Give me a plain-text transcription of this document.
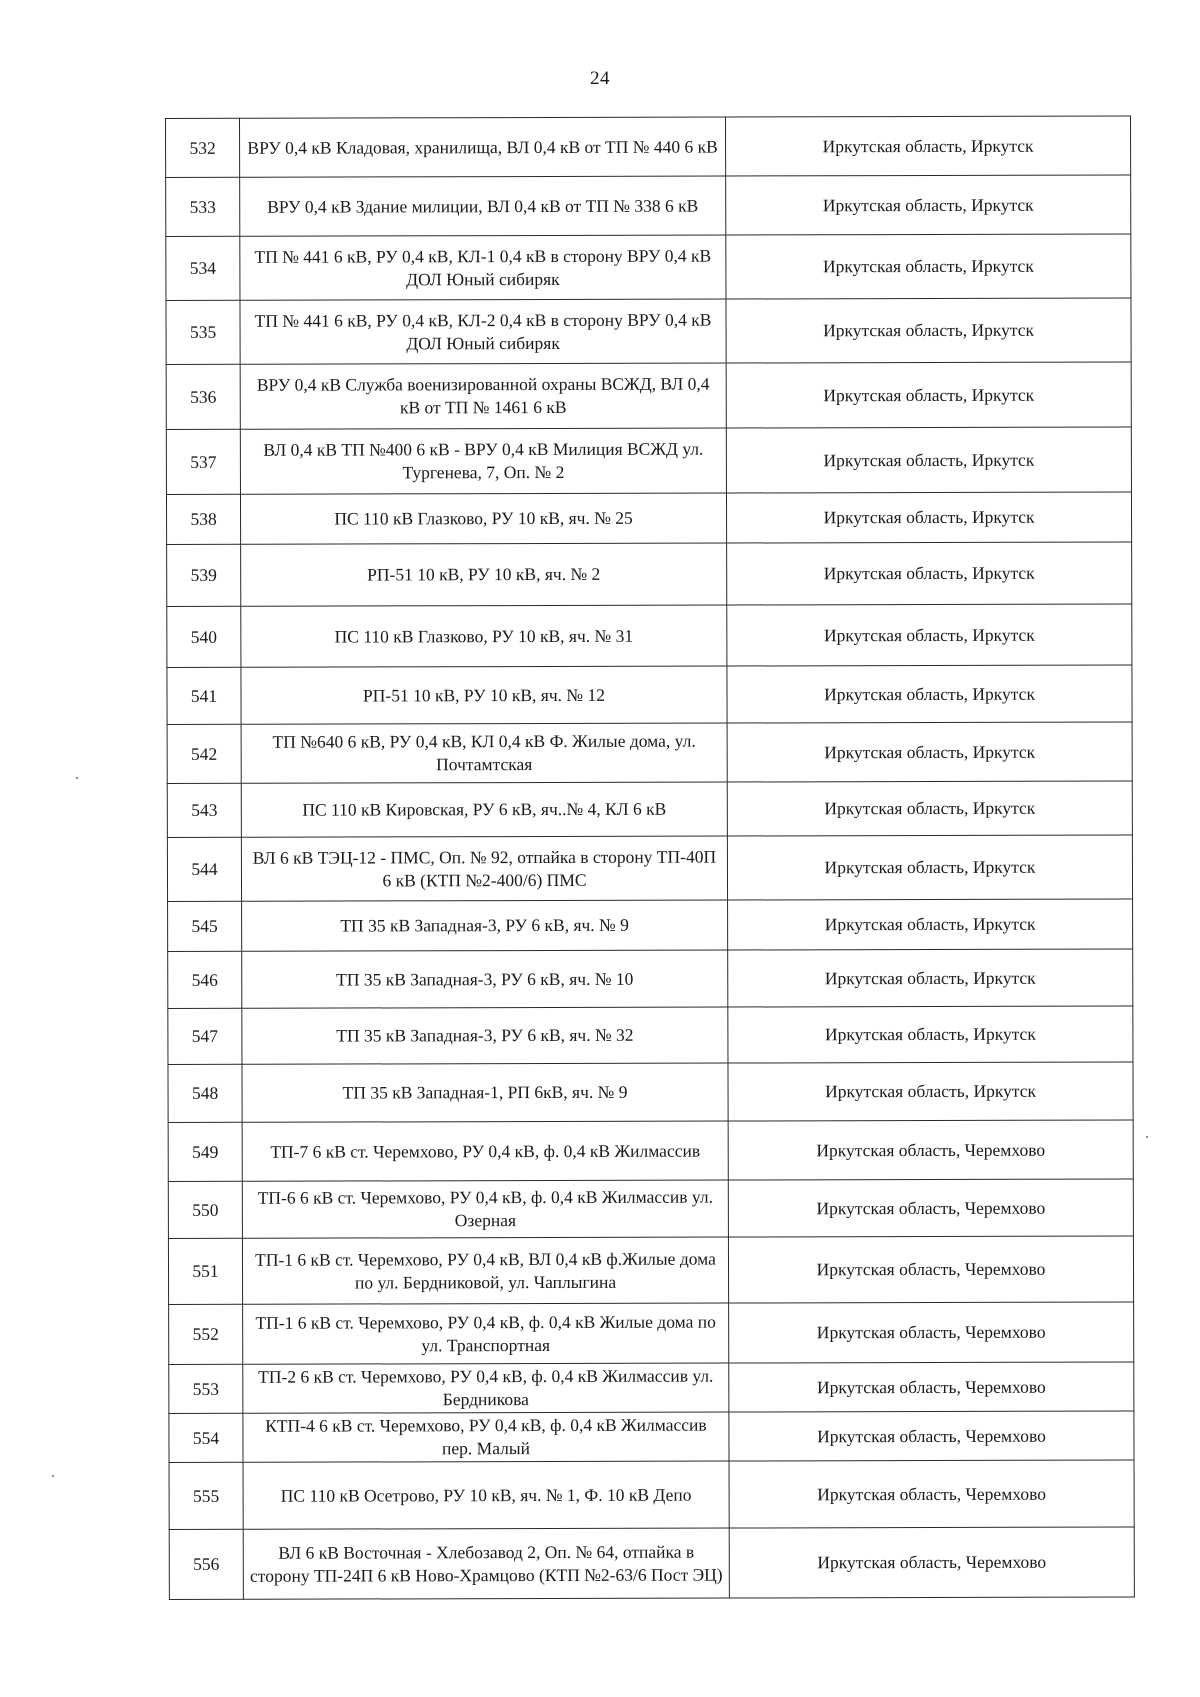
24
532	ВРУ 0,4 кВ Кладовая, хранилища, ВЛ 0,4 кВ от ТП № 440 6 кВ	Иркутская область, Иркутск
533	ВРУ 0,4 кВ Здание милиции, ВЛ 0,4 кВ от ТП № 338 6 кВ	Иркутская область, Иркутск
534	ТП № 441 6 кВ, РУ 0,4 кВ, КЛ-1 0,4 кВ в сторону ВРУ 0,4 кВ ДОЛ Юный сибиряк	Иркутская область, Иркутск
535	ТП № 441 6 кВ, РУ 0,4 кВ, КЛ-2 0,4 кВ в сторону ВРУ 0,4 кВ ДОЛ Юный сибиряк	Иркутская область, Иркутск
536	ВРУ 0,4 кВ Служба военизированной охраны ВСЖД, ВЛ 0,4 кВ от ТП № 1461 6 кВ	Иркутская область, Иркутск
537	ВЛ 0,4 кВ ТП №400 6 кВ - ВРУ 0,4 кВ Милиция ВСЖД ул. Тургенева, 7, Оп. № 2	Иркутская область, Иркутск
538	ПС 110 кВ Глазково, РУ 10 кВ, яч. № 25	Иркутская область, Иркутск
539	РП-51 10 кВ, РУ 10 кВ, яч. № 2	Иркутская область, Иркутск
540	ПС 110 кВ Глазково, РУ 10 кВ, яч. № 31	Иркутская область, Иркутск
541	РП-51 10 кВ, РУ 10 кВ, яч. № 12	Иркутская область, Иркутск
542	ТП №640 6 кВ, РУ 0,4 кВ, КЛ 0,4 кВ Ф. Жилые дома, ул. Почтамтская	Иркутская область, Иркутск
543	ПС 110 кВ Кировская, РУ 6 кВ, яч..№ 4, КЛ 6 кВ	Иркутская область, Иркутск
544	ВЛ 6 кВ ТЭЦ-12 - ПМС, Оп. № 92, отпайка в сторону ТП-40П 6 кВ (КТП №2-400/6) ПМС	Иркутская область, Иркутск
545	ТП 35 кВ Западная-3, РУ 6 кВ, яч. № 9	Иркутская область, Иркутск
546	ТП 35 кВ Западная-3, РУ 6 кВ, яч. № 10	Иркутская область, Иркутск
547	ТП 35 кВ Западная-3, РУ 6 кВ, яч. № 32	Иркутская область, Иркутск
548	ТП 35 кВ Западная-1, РП 6кВ, яч. № 9	Иркутская область, Иркутск
549	ТП-7 6 кВ ст. Черемхово, РУ 0,4 кВ, ф. 0,4 кВ Жилмассив	Иркутская область, Черемхово
550	ТП-6 6 кВ ст. Черемхово, РУ 0,4 кВ, ф. 0,4 кВ Жилмассив ул. Озерная	Иркутская область, Черемхово
551	ТП-1 6 кВ ст. Черемхово, РУ 0,4 кВ, ВЛ 0,4 кВ ф.Жилые дома по ул. Бердниковой, ул. Чаплыгина	Иркутская область, Черемхово
552	ТП-1 6 кВ ст. Черемхово, РУ 0,4 кВ, ф. 0,4 кВ Жилые дома по ул. Транспортная	Иркутская область, Черемхово
553	ТП-2 6 кВ ст. Черемхово, РУ 0,4 кВ, ф. 0,4 кВ Жилмассив ул. Бердникова	Иркутская область, Черемхово
554	КТП-4 6 кВ ст. Черемхово, РУ 0,4 кВ, ф. 0,4 кВ Жилмассив пер. Малый	Иркутская область, Черемхово
555	ПС 110 кВ Осетрово, РУ 10 кВ, яч. № 1, Ф. 10 кВ Депо	Иркутская область, Черемхово
556	ВЛ 6 кВ Восточная - Хлебозавод 2, Оп. № 64, отпайка в сторону ТП-24П 6 кВ Ново-Храмцово (КТП №2-63/6 Пост ЭЦ)	Иркутская область, Черемхово
